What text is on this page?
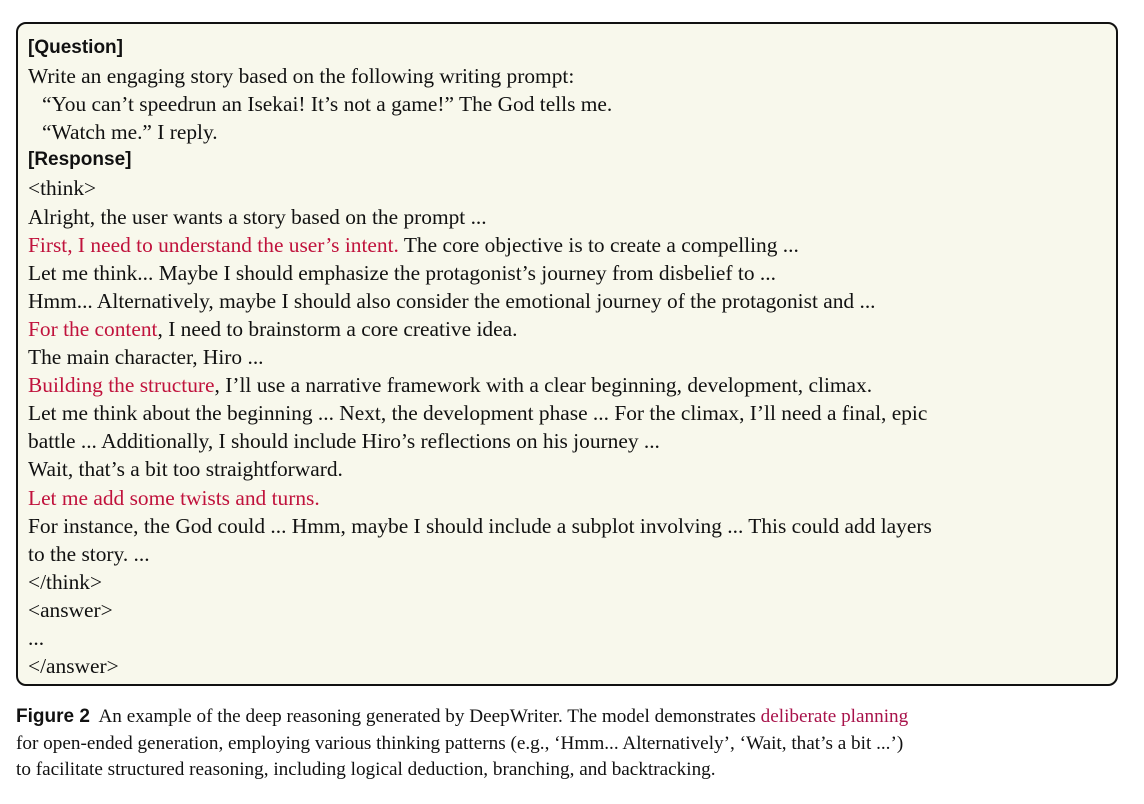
[Question]
Write an engaging story based on the following writing prompt:
“You can’t speedrun an Isekai! It’s not a game!” The God tells me.
“Watch me.” I reply.
[Response]
<think>
Alright, the user wants a story based on the prompt ...
First, I need to understand the user’s intent. The core objective is to create a compelling ...
Let me think... Maybe I should emphasize the protagonist’s journey from disbelief to ...
Hmm... Alternatively, maybe I should also consider the emotional journey of the protagonist and ...
For the content, I need to brainstorm a core creative idea.
The main character, Hiro ...
Building the structure, I’ll use a narrative framework with a clear beginning, development, climax.
Let me think about the beginning ... Next, the development phase ... For the climax, I’ll need a final, epic
battle ... Additionally, I should include Hiro’s reflections on his journey ...
Wait, that’s a bit too straightforward.
Let me add some twists and turns.
For instance, the God could ... Hmm, maybe I should include a subplot involving ... This could add layers
to the story. ...
</think>
<answer>
...
</answer>
Figure 2  An example of the deep reasoning generated by DeepWriter. The model demonstrates deliberate planning
for open-ended generation, employing various thinking patterns (e.g., ‘Hmm... Alternatively’, ‘Wait, that’s a bit ...’)
to facilitate structured reasoning, including logical deduction, branching, and backtracking.
